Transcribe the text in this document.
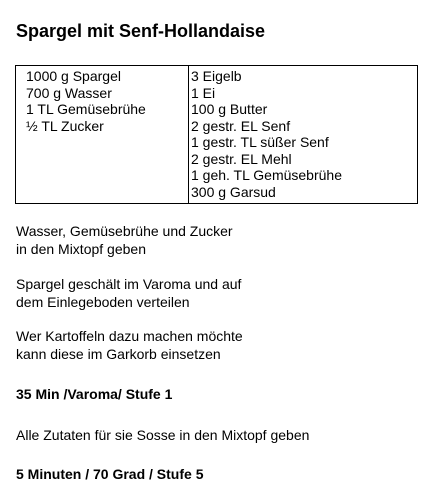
Spargel mit Senf-Hollandaise
1000 g Spargel
700 g Wasser
1 TL Gemüsebrühe
½ TL Zucker
3 Eigelb
1 Ei
100 g Butter
2 gestr. EL Senf
1 gestr. TL süßer Senf
2 gestr. EL Mehl
1 geh. TL Gemüsebrühe
300 g Garsud
Wasser, Gemüsebrühe und Zucker
in den Mixtopf geben
Spargel geschält im Varoma und auf
dem Einlegeboden verteilen
Wer Kartoffeln dazu machen möchte
kann diese im Garkorb einsetzen
35 Min /Varoma/ Stufe 1
Alle Zutaten für sie Sosse in den Mixtopf geben
5 Minuten / 70 Grad / Stufe 5
